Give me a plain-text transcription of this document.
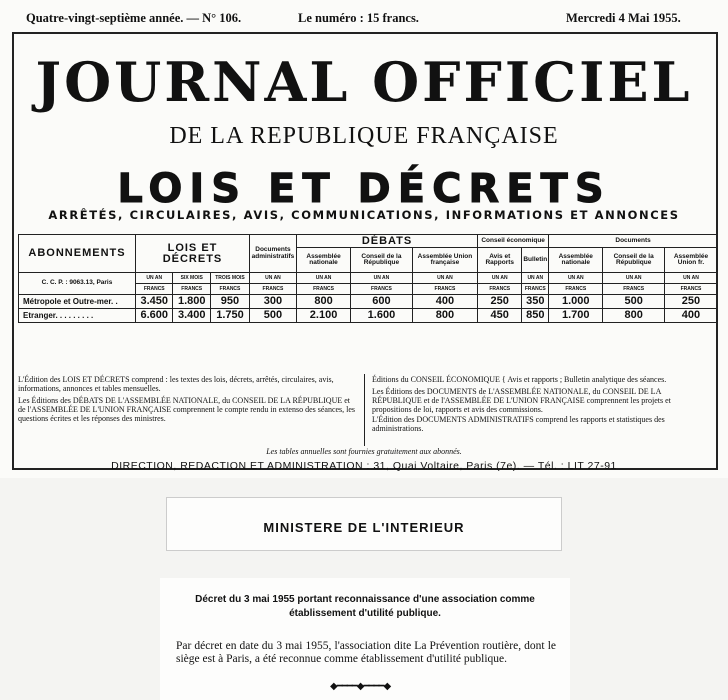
Quatre-vingt-septième année. — N° 106.	Le numéro : 15 francs.	Mercredi 4 Mai 1955.
JOURNAL OFFICIEL
DE LA REPUBLIQUE FRANÇAISE
LOIS ET DÉCRETS
ARRÊTÉS, CIRCULAIRES, AVIS, COMMUNICATIONS, INFORMATIONS ET ANNONCES
ABONNEMENTS	LOIS ET DÉCRETS			Documents administratifs	DÉBATS			Conseil économique		Documents		
					Assemblée nationale	Conseil de la République	Assemblée Union française	Avis et Rapports	Bulletin	Assemblée nationale	Conseil de la République	Assemblée Union fr.

C. C. P. : 9063.13, Paris	UN AN	SIX MOIS	TROIS MOIS	UN AN	UN AN	UN AN	UN AN	UN AN	UN AN	UN AN	UN AN	UN AN
	FRANCS	FRANCS	FRANCS	FRANCS	FRANCS	FRANCS	FRANCS	FRANCS	FRANCS	FRANCS	FRANCS	FRANCS
Métropole et Outre-mer. .	3.450	1.800	950	300	800	600	400	250	350	1.000	500	250
Etranger. . . . . . . . .	6.600	3.400	1.750	500	2.100	1.600	800	450	850	1.700	800	400

L'Édition des LOIS ET DÉCRETS comprend : les textes des lois, décrets, arrêtés, circulaires, avis, informations, annonces et tables mensuelles.

Les Éditions des DÉBATS DE L'ASSEMBLÉE NATIONALE, du CONSEIL DE LA RÉPUBLIQUE et de l'ASSEMBLÉE DE L'UNION FRANÇAISE comprennent le compte rendu in extenso des séances, les questions écrites et les réponses des ministres.

Éditions du CONSEIL ÉCONOMIQUE { Avis et rapports ; Bulletin analytique des séances.

Les Éditions des DOCUMENTS de L'ASSEMBLÉE NATIONALE, du CONSEIL DE LA RÉPUBLIQUE et de l'ASSEMBLÉE DE L'UNION FRANÇAISE comprennent les projets et propositions de loi, rapports et avis des commissions.

L'Édition des DOCUMENTS ADMINISTRATIFS comprend les rapports et statistiques des administrations.

Les tables annuelles sont fournies gratuitement aux abonnés.
DIRECTION, REDACTION ET ADMINISTRATION : 31, Quai Voltaire, Paris (7e). — Tél. : LIT 27-91
MINISTERE DE L'INTERIEUR
Décret du 3 mai 1955 portant reconnaissance d'une association comme établissement d'utilité publique.
Par décret en date du 3 mai 1955, l'association dite La Prévention routière, dont le siège est à Paris, a été reconnue comme établissement d'utilité publique.
◆━━━━◆━━━━◆
